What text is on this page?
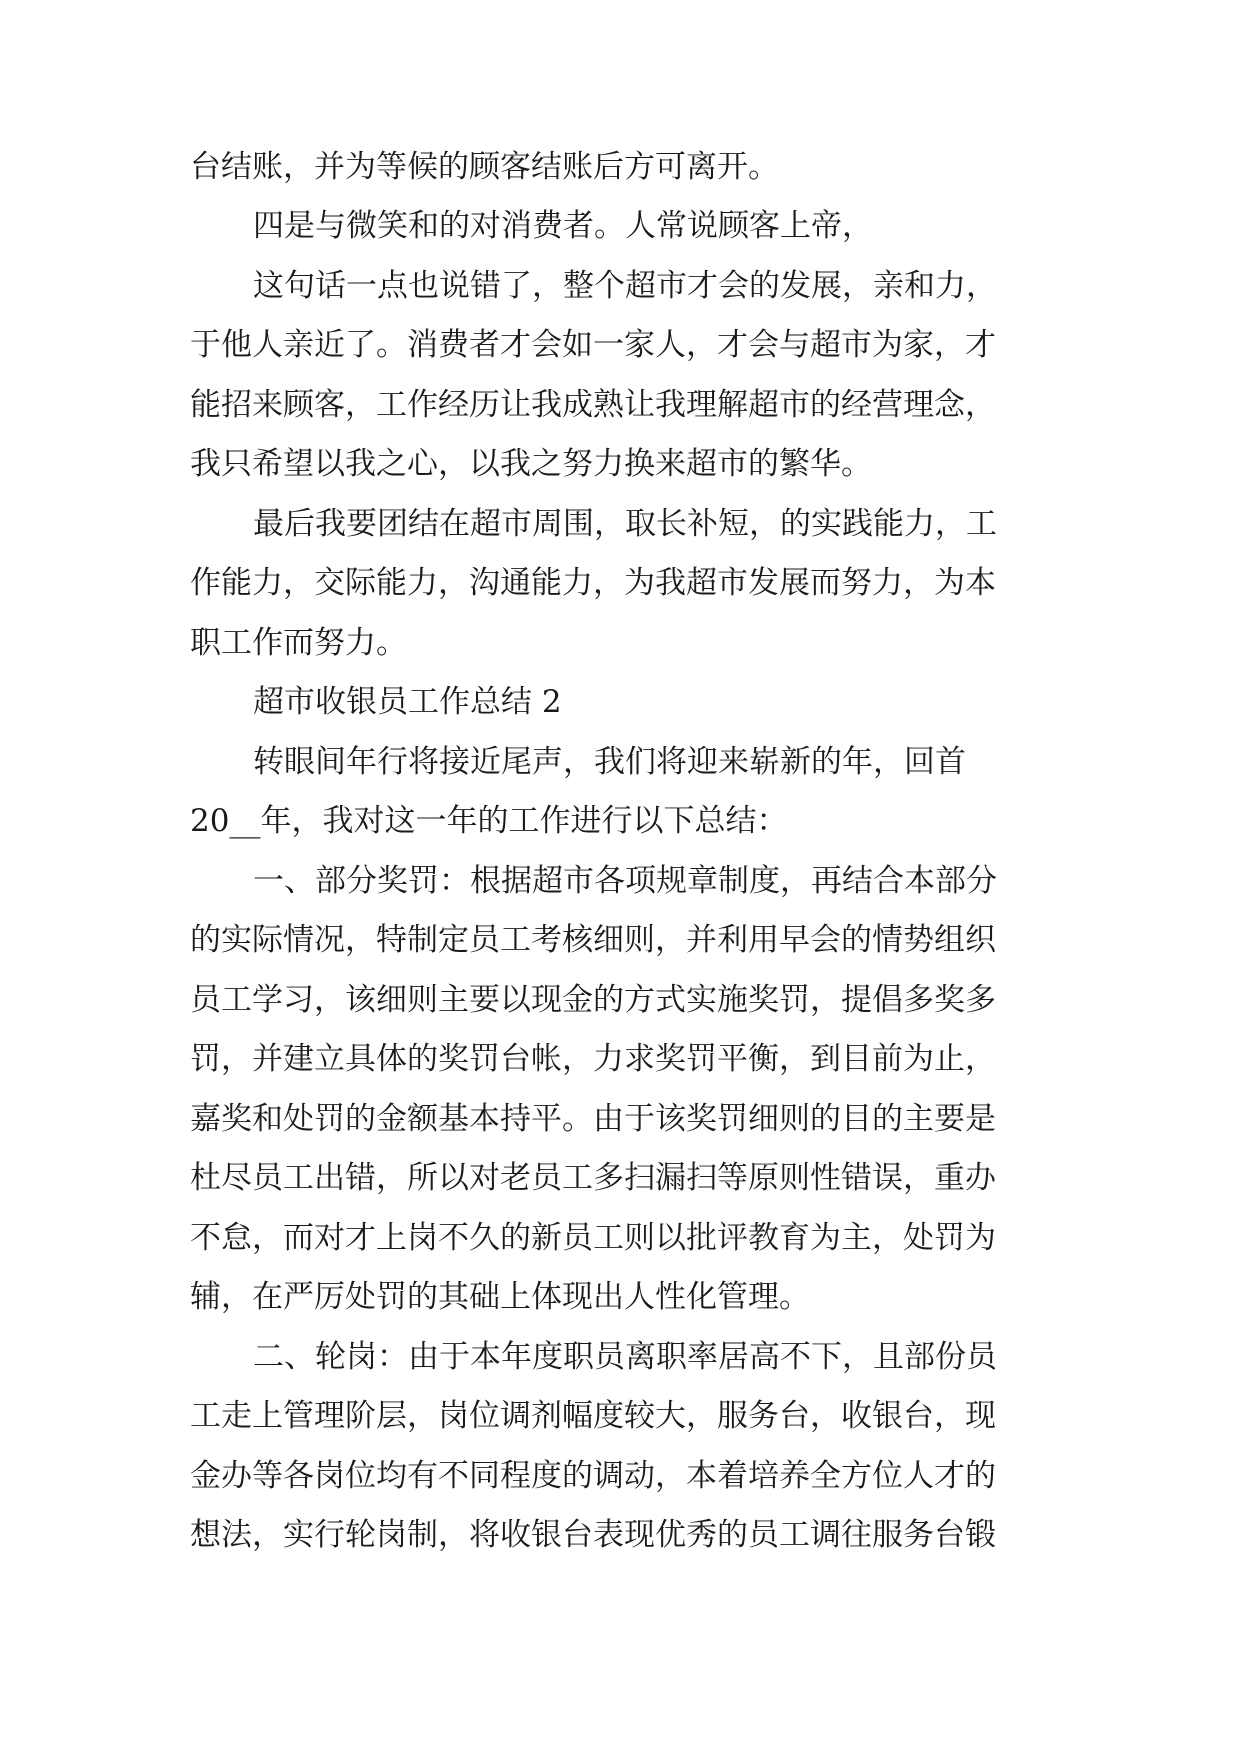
台结账，并为等候的顾客结账后方可离开。

四是与微笑和的对消费者。人常说顾客上帝，

这句话一点也说错了，整个超市才会的发展，亲和力，

于他人亲近了。消费者才会如一家人，才会与超市为家，才

能招来顾客，工作经历让我成熟让我理解超市的经营理念，

我只希望以我之心，以我之努力换来超市的繁华。

最后我要团结在超市周围，取长补短，的实践能力，工

作能力，交际能力，沟通能力，为我超市发展而努力，为本

职工作而努力。

超市收银员工作总结 2

转眼间年行将接近尾声，我们将迎来崭新的年，回首

20__年，我对这一年的工作进行以下总结：

一、部分奖罚：根据超市各项规章制度，再结合本部分

的实际情况，特制定员工考核细则，并利用早会的情势组织

员工学习，该细则主要以现金的方式实施奖罚，提倡多奖多

罚，并建立具体的奖罚台帐，力求奖罚平衡，到目前为止，

嘉奖和处罚的金额基本持平。由于该奖罚细则的目的主要是

杜尽员工出错，所以对老员工多扫漏扫等原则性错误，重办

不怠，而对才上岗不久的新员工则以批评教育为主，处罚为

辅，在严厉处罚的其础上体现出人性化管理。

二、轮岗：由于本年度职员离职率居高不下，且部份员

工走上管理阶层，岗位调剂幅度较大，服务台，收银台，现

金办等各岗位均有不同程度的调动，本着培养全方位人才的

想法，实行轮岗制，将收银台表现优秀的员工调往服务台锻
